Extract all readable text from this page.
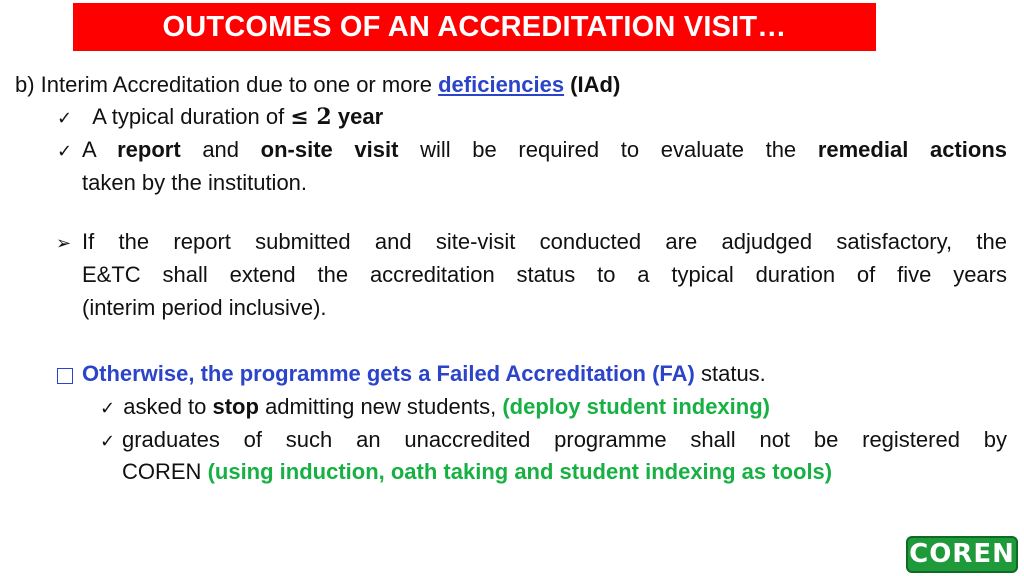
OUTCOMES OF AN ACCREDITATION VISIT…
b) Interim Accreditation due to one or more deficiencies (IAd)
✓ A typical duration of ≤ 2 year
✓ A report and on-site visit will be required to evaluate the remedial actions
taken by the institution.
➢ If the report submitted and site-visit conducted are adjudged satisfactory, the
E&TC shall extend the accreditation status to a typical duration of five years
(interim period inclusive).
Otherwise, the programme gets a Failed Accreditation (FA) status.
✓ asked to stop admitting new students, (deploy student indexing)
✓ graduates of such an unaccredited programme shall not be registered by
COREN (using induction, oath taking and student indexing as tools)
COREN
